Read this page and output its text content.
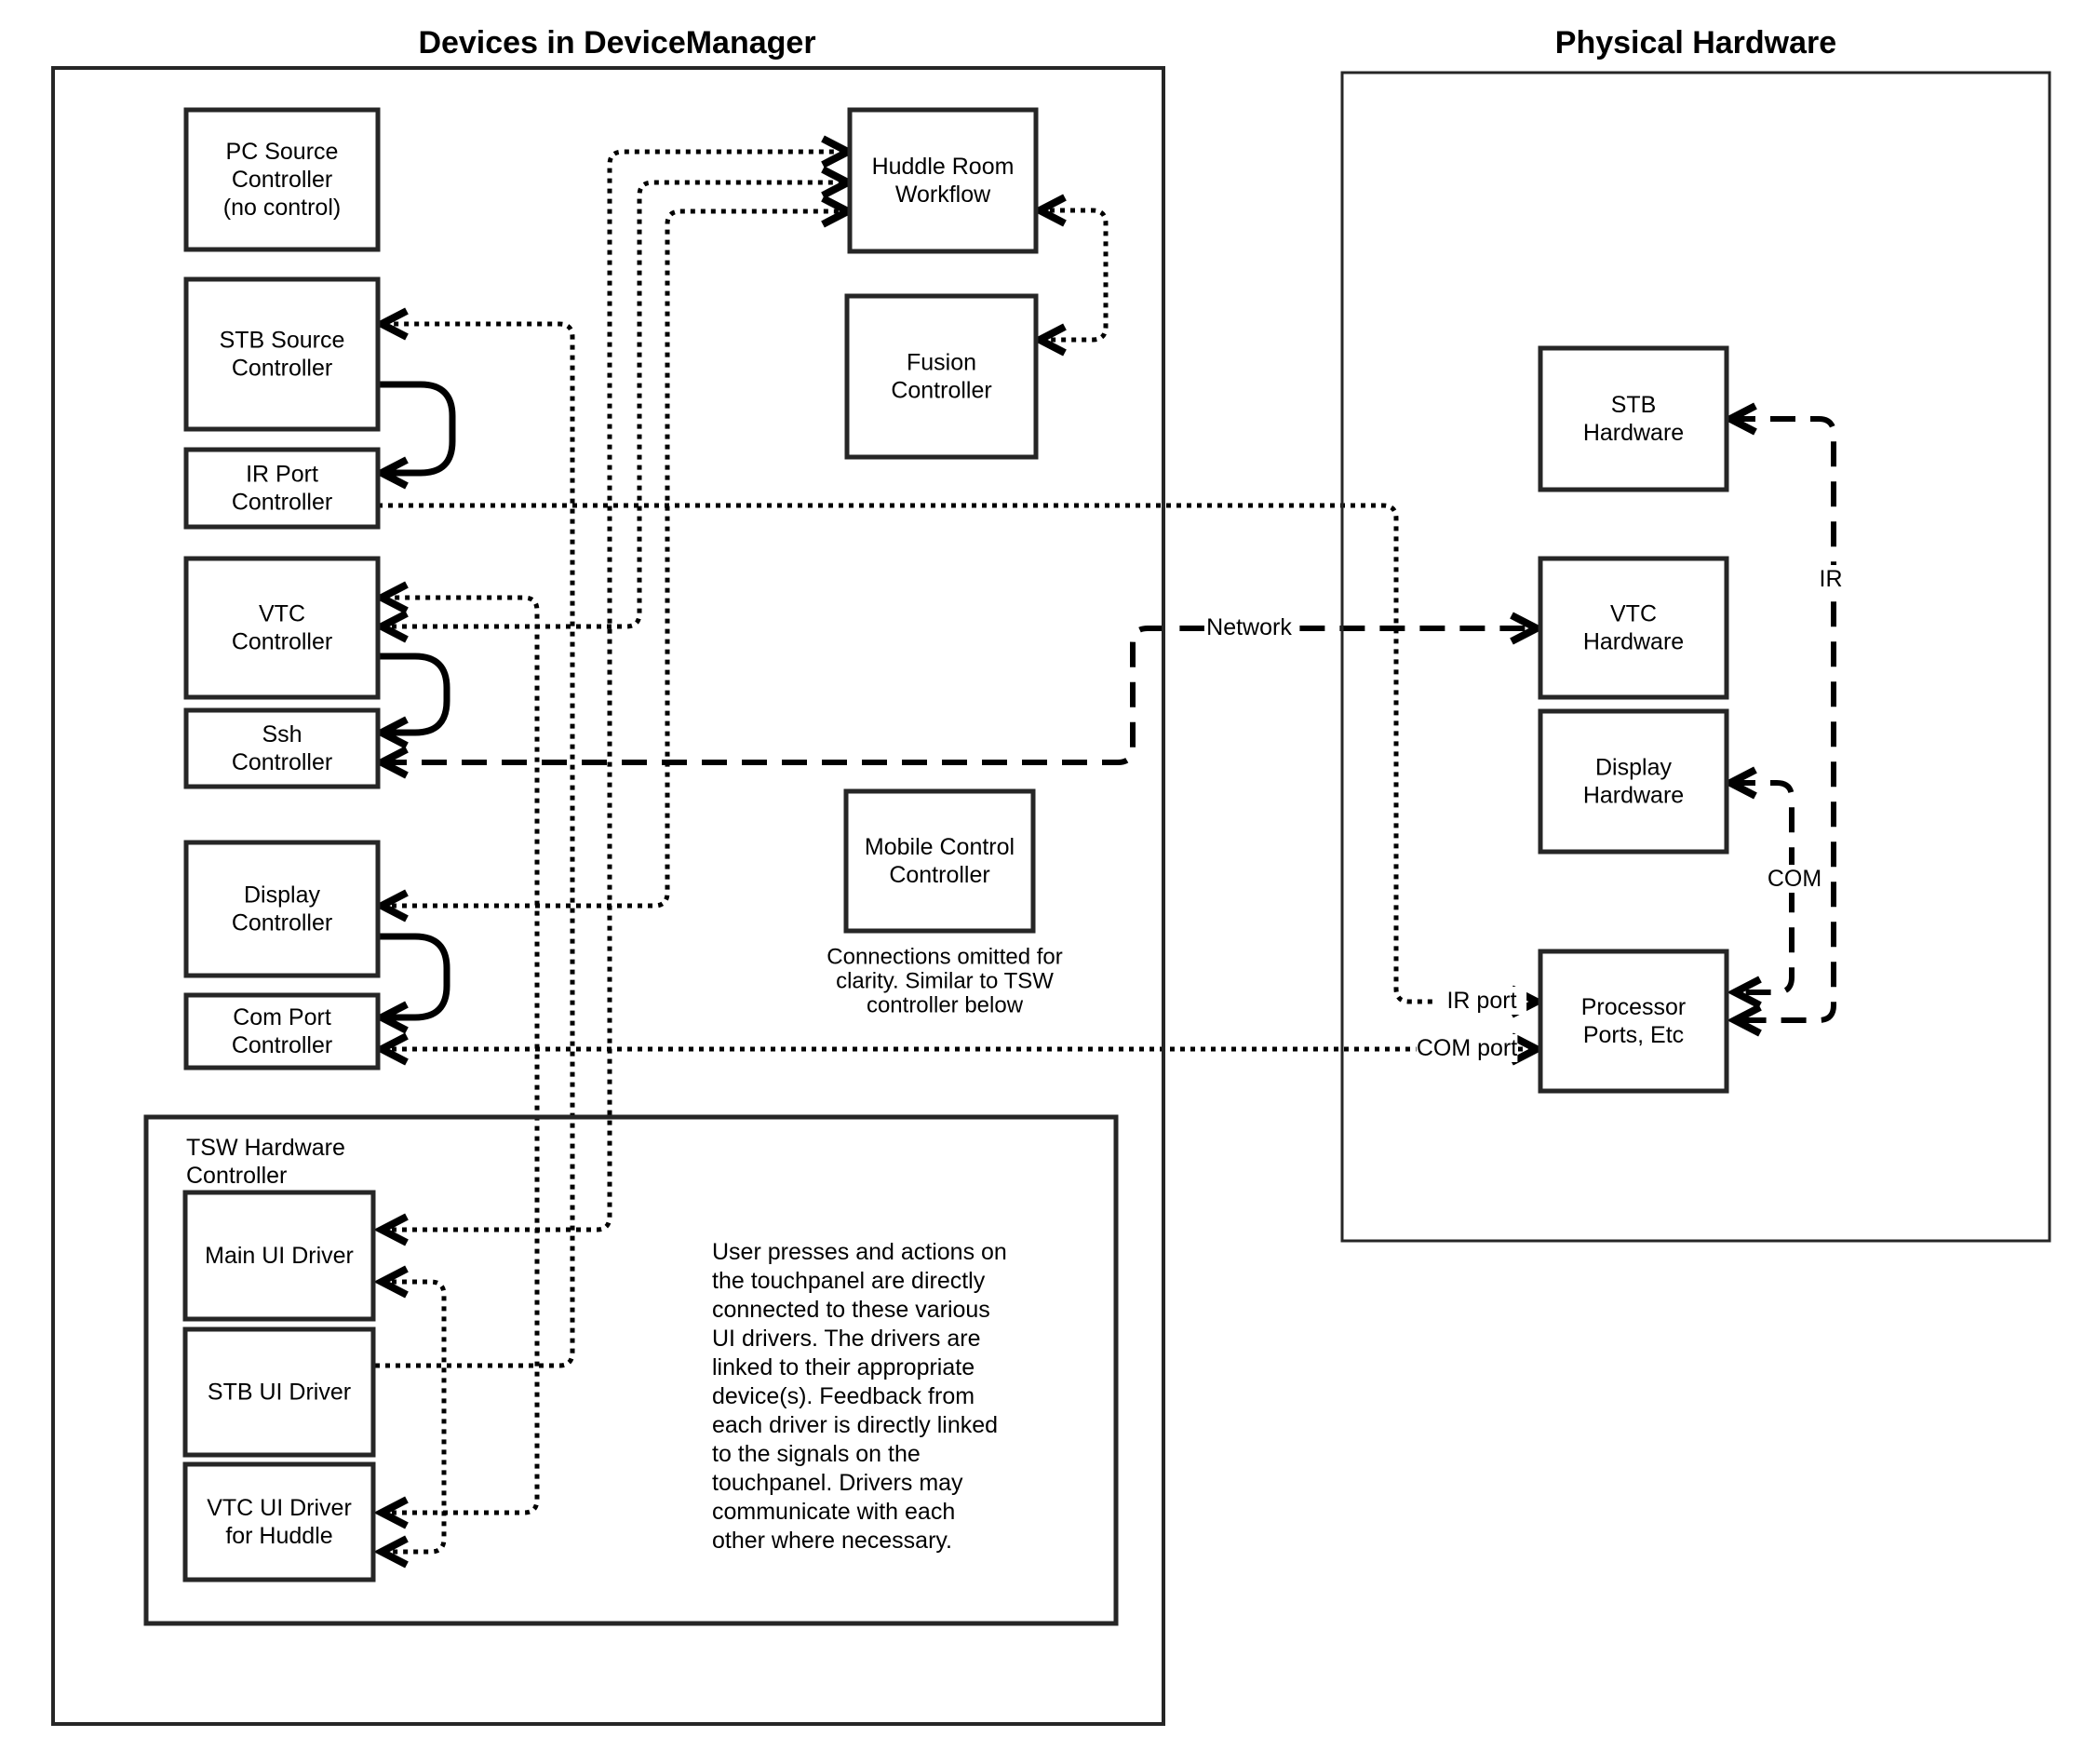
PC Source
Controller
(no control)
STB Source
Controller
IR Port
Controller
VTC
Controller
Ssh
Controller
Display
Controller
Com Port
Controller
Huddle Room
Workflow
Fusion
Controller
Mobile Control
Controller
Main UI Driver
STB UI Driver
VTC UI Driver
for Huddle
STB
Hardware
VTC
Hardware
Display
Hardware
Processor
Ports, Etc
TSW Hardware
Controller
IR port
COM port
Network
IR
COM
Connections omitted for
clarity. Similar to TSW
controller below
User presses and actions on
the touchpanel are directly
connected to these various
UI drivers. The drivers are
linked to their appropriate
device(s). Feedback from
each driver is directly linked
to the signals on the
touchpanel. Drivers may
communicate with each
other where necessary.
Devices in DeviceManager	Physical Hardware
